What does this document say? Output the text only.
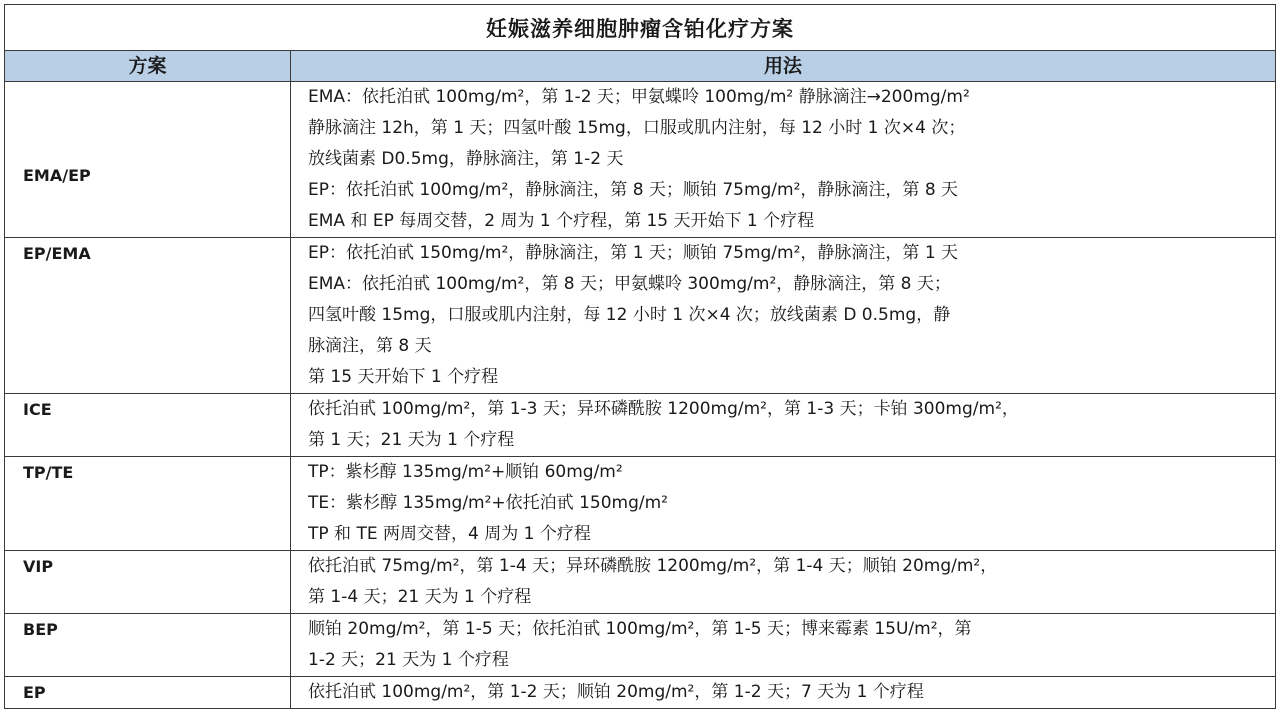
妊娠滋养细胞肿瘤含铂化疗方案	
方案	用法

EMA/EP	EMA：依托泊甙 100mg/m²，第 1-2 天；甲氨蝶呤 100mg/m² 静脉滴注→200mg/m²
静脉滴注 12h，第 1 天；四氢叶酸 15mg，口服或肌内注射，每 12 小时 1 次×4 次；
放线菌素 D0.5mg，静脉滴注，第 1-2 天
EP：依托泊甙 100mg/m²，静脉滴注，第 8 天；顺铂 75mg/m²，静脉滴注，第 8 天
EMA 和 EP 每周交替，2 周为 1 个疗程，第 15 天开始下 1 个疗程

EP/EMA	EP：依托泊甙 150mg/m²，静脉滴注，第 1 天；顺铂 75mg/m²，静脉滴注，第 1 天
EMA：依托泊甙 100mg/m²，第 8 天；甲氨蝶呤 300mg/m²，静脉滴注，第 8 天；
四氢叶酸 15mg，口服或肌内注射，每 12 小时 1 次×4 次；放线菌素 D 0.5mg，静
脉滴注，第 8 天
第 15 天开始下 1 个疗程

ICE	依托泊甙 100mg/m²，第 1-3 天；异环磷酰胺 1200mg/m²，第 1-3 天；卡铂 300mg/m²，
第 1 天；21 天为 1 个疗程

TP/TE	TP：紫杉醇 135mg/m²+顺铂 60mg/m²
TE：紫杉醇 135mg/m²+依托泊甙 150mg/m²
TP 和 TE 两周交替，4 周为 1 个疗程

VIP	依托泊甙 75mg/m²，第 1-4 天；异环磷酰胺 1200mg/m²，第 1-4 天；顺铂 20mg/m²，
第 1-4 天；21 天为 1 个疗程

BEP	顺铂 20mg/m²，第 1-5 天；依托泊甙 100mg/m²，第 1-5 天；博来霉素 15U/m²，第
1-2 天；21 天为 1 个疗程

EP	依托泊甙 100mg/m²，第 1-2 天；顺铂 20mg/m²，第 1-2 天；7 天为 1 个疗程
